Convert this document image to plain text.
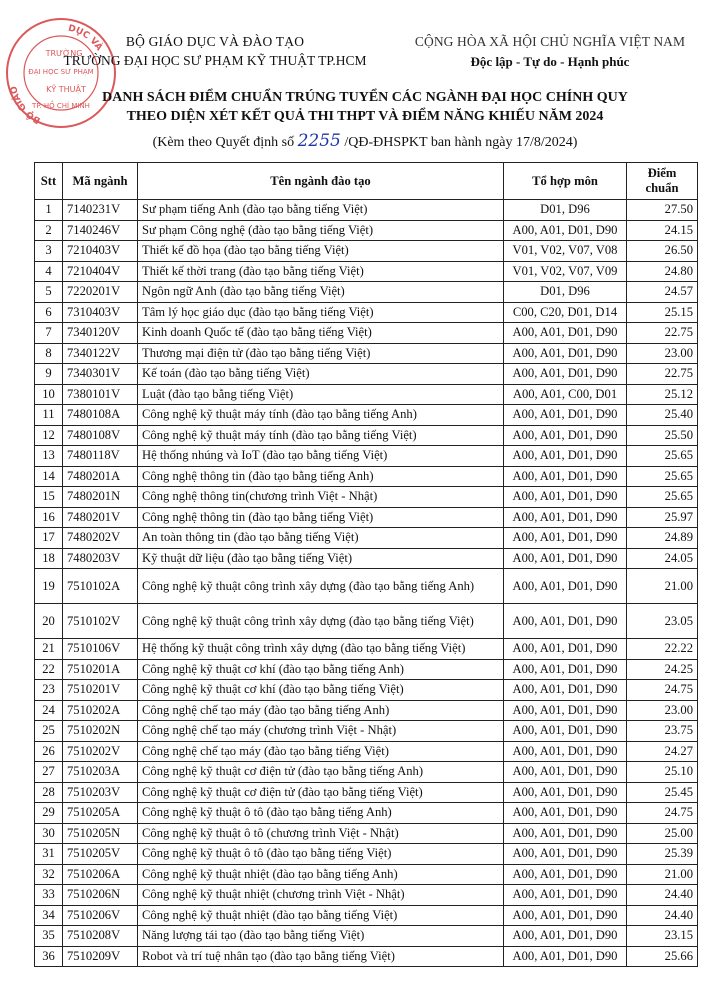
DỤC VÀ
BỘ GIÁO
TRƯỜNG
ĐẠI HỌC SƯ PHẠM
KỸ THUẬT
TP. HỒ CHÍ MINH
BỘ GIÁO DỤC VÀ ĐÀO TẠO
TRƯỜNG ĐẠI HỌC SƯ PHẠM KỸ THUẬT TP.HCM
CỘNG HÒA XÃ HỘI CHỦ NGHĨA VIỆT NAM
Độc lập - Tự do - Hạnh phúc
DANH SÁCH ĐIỂM CHUẨN TRÚNG TUYỂN CÁC NGÀNH ĐẠI HỌC CHÍNH QUY
THEO DIỆN XÉT KẾT QUẢ THI THPT VÀ ĐIỂM NĂNG KHIẾU NĂM 2024
(Kèm theo Quyết định số 2255 /QĐ-ĐHSPKT ban hành ngày 17/8/2024)
Stt	Mã ngành	Tên ngành đào tạo	Tổ hợp môn	Điểm
chuẩn

1	7140231V	Sư phạm tiếng Anh (đào tạo bằng tiếng Việt)	D01, D96	27.50
2	7140246V	Sư phạm Công nghệ (đào tạo bằng tiếng Việt)	A00, A01, D01, D90	24.15
3	7210403V	Thiết kế đồ họa (đào tạo bằng tiếng Việt)	V01, V02, V07, V08	26.50
4	7210404V	Thiết kế thời trang (đào tạo bằng tiếng Việt)	V01, V02, V07, V09	24.80
5	7220201V	Ngôn ngữ Anh (đào tạo bằng tiếng Việt)	D01, D96	24.57
6	7310403V	Tâm lý học giáo dục (đào tạo bằng tiếng Việt)	C00, C20, D01, D14	25.15
7	7340120V	Kinh doanh Quốc tế (đào tạo bằng tiếng Việt)	A00, A01, D01, D90	22.75
8	7340122V	Thương mại điện tử (đào tạo bằng tiếng Việt)	A00, A01, D01, D90	23.00
9	7340301V	Kế toán (đào tạo bằng tiếng Việt)	A00, A01, D01, D90	22.75
10	7380101V	Luật (đào tạo bằng tiếng Việt)	A00, A01, C00, D01	25.12
11	7480108A	Công nghệ kỹ thuật máy tính (đào tạo bằng tiếng Anh)	A00, A01, D01, D90	25.40
12	7480108V	Công nghệ kỹ thuật máy tính (đào tạo bằng tiếng Việt)	A00, A01, D01, D90	25.50
13	7480118V	Hệ thống nhúng và IoT (đào tạo bằng tiếng Việt)	A00, A01, D01, D90	25.65
14	7480201A	Công nghệ thông tin (đào tạo bằng tiếng Anh)	A00, A01, D01, D90	25.65
15	7480201N	Công nghệ thông tin(chương trình Việt - Nhật)	A00, A01, D01, D90	25.65
16	7480201V	Công nghệ thông tin (đào tạo bằng tiếng Việt)	A00, A01, D01, D90	25.97
17	7480202V	An toàn thông tin (đào tạo bằng tiếng Việt)	A00, A01, D01, D90	24.89
18	7480203V	Kỹ thuật dữ liệu (đào tạo bằng tiếng Việt)	A00, A01, D01, D90	24.05
19	7510102A	Công nghệ kỹ thuật công trình xây dựng (đào tạo bằng tiếng Anh)	A00, A01, D01, D90	21.00
20	7510102V	Công nghệ kỹ thuật công trình xây dựng (đào tạo bằng tiếng Việt)	A00, A01, D01, D90	23.05
21	7510106V	Hệ thống kỹ thuật công trình xây dựng (đào tạo bằng tiếng Việt)	A00, A01, D01, D90	22.22
22	7510201A	Công nghệ kỹ thuật cơ khí (đào tạo bằng tiếng Anh)	A00, A01, D01, D90	24.25
23	7510201V	Công nghệ kỹ thuật cơ khí (đào tạo bằng tiếng Việt)	A00, A01, D01, D90	24.75
24	7510202A	Công nghệ chế tạo máy (đào tạo bằng tiếng Anh)	A00, A01, D01, D90	23.00
25	7510202N	Công nghệ chế tạo máy (chương trình Việt - Nhật)	A00, A01, D01, D90	23.75
26	7510202V	Công nghệ chế tạo máy (đào tạo bằng tiếng Việt)	A00, A01, D01, D90	24.27
27	7510203A	Công nghệ kỹ thuật cơ điện tử (đào tạo bằng tiếng Anh)	A00, A01, D01, D90	25.10
28	7510203V	Công nghệ kỹ thuật cơ điện tử (đào tạo bằng tiếng Việt)	A00, A01, D01, D90	25.45
29	7510205A	Công nghệ kỹ thuật ô tô (đào tạo bằng tiếng Anh)	A00, A01, D01, D90	24.75
30	7510205N	Công nghệ kỹ thuật ô tô (chương trình Việt - Nhật)	A00, A01, D01, D90	25.00
31	7510205V	Công nghệ kỹ thuật ô tô (đào tạo bằng tiếng Việt)	A00, A01, D01, D90	25.39
32	7510206A	Công nghệ kỹ thuật nhiệt (đào tạo bằng tiếng Anh)	A00, A01, D01, D90	21.00
33	7510206N	Công nghệ kỹ thuật nhiệt (chương trình Việt - Nhật)	A00, A01, D01, D90	24.40
34	7510206V	Công nghệ kỹ thuật nhiệt (đào tạo bằng tiếng Việt)	A00, A01, D01, D90	24.40
35	7510208V	Năng lượng tái tạo (đào tạo bằng tiếng Việt)	A00, A01, D01, D90	23.15
36	7510209V	Robot và trí tuệ nhân tạo (đào tạo bằng tiếng Việt)	A00, A01, D01, D90	25.66
